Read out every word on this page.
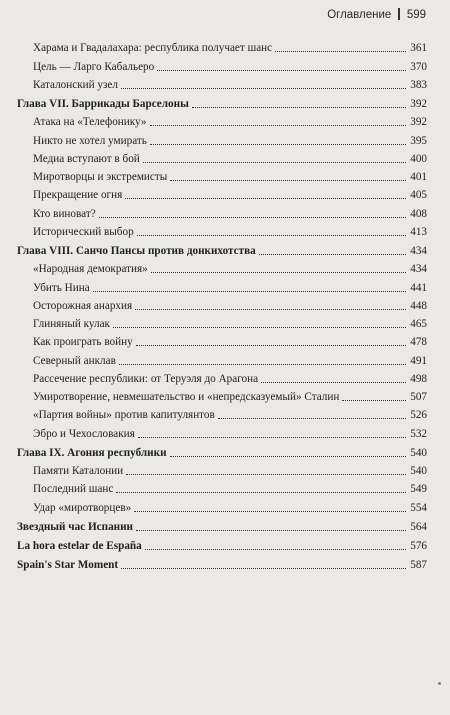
Оглавление 599
Харама и Гвадалахара: республика получает шанс	361
Цель — Ларго Кабальеро	370
Каталонский узел	383
Глава VII. Баррикады Барселоны	392
Атака на «Телефонику»	392
Никто не хотел умирать	395
Медиа вступают в бой	400
Миротворцы и экстремисты	401
Прекращение огня	405
Кто виноват?	408
Исторический выбор	413
Глава VIII. Санчо Пансы против донкихотства	434
«Народная демократия»	434
Убить Нина	441
Осторожная анархия	448
Глиняный кулак	465
Как проиграть войну	478
Северный анклав	491
Рассечение республики: от Теруэля до Арагона	498
Умиротворение, невмешательство и «непредсказуемый» Сталин	507
«Партия войны» против капитулянтов	526
Эбро и Чехословакия	532
Глава IX. Агония республики	540
Памяти Каталонии	540
Последний шанс	549
Удар «миротворцев»	554
Звездный час Испании	564
La hora estelar de España	576
Spain's Star Moment	587
